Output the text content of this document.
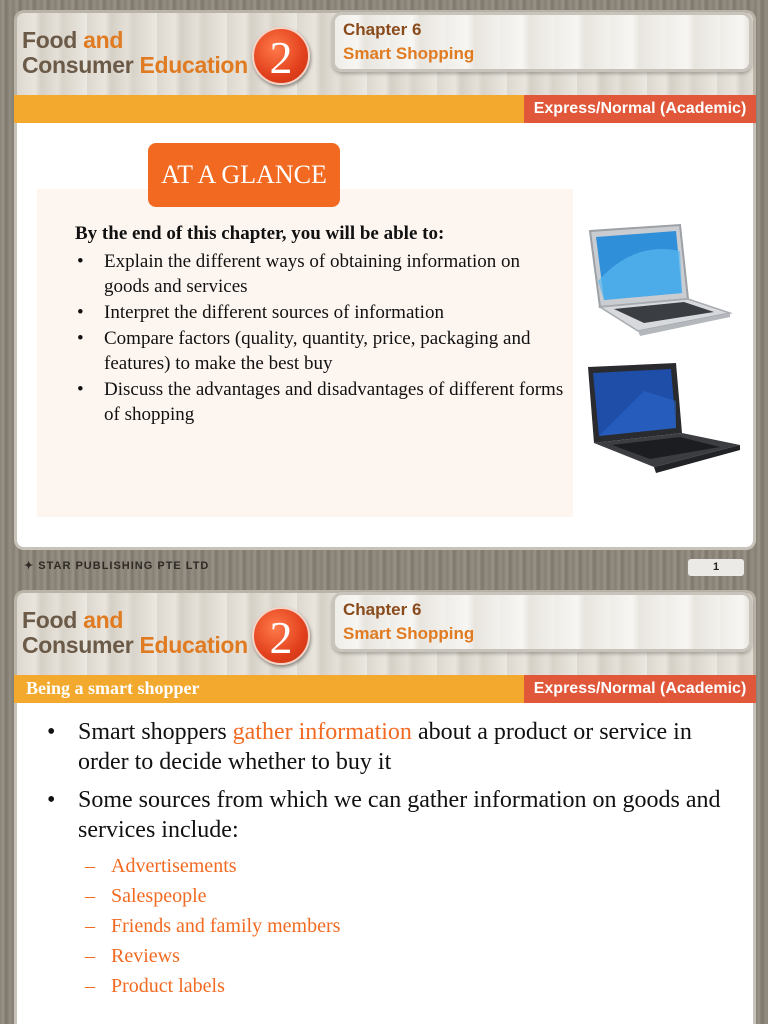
Food and
Consumer Education 2
Chapter 6
Smart Shopping
Express/Normal (Academic)
AT A GLANCE
By the end of this chapter, you will be able to:
• Explain the different ways of obtaining information on goods and services
• Interpret the different sources of information
• Compare factors (quality, quantity, price, packaging and features) to make the best buy
• Discuss the advantages and disadvantages of different forms of shopping
✦ STAR PUBLISHING PTE LTD	1
Food and
Consumer Education 2
Chapter 6
Smart Shopping
Being a smart shopper	Express/Normal (Academic)
• Smart shoppers gather information about a product or service in order to decide whether to buy it
• Some sources from which we can gather information on goods and services include:
– Advertisements
– Salespeople
– Friends and family members
– Reviews
– Product labels
